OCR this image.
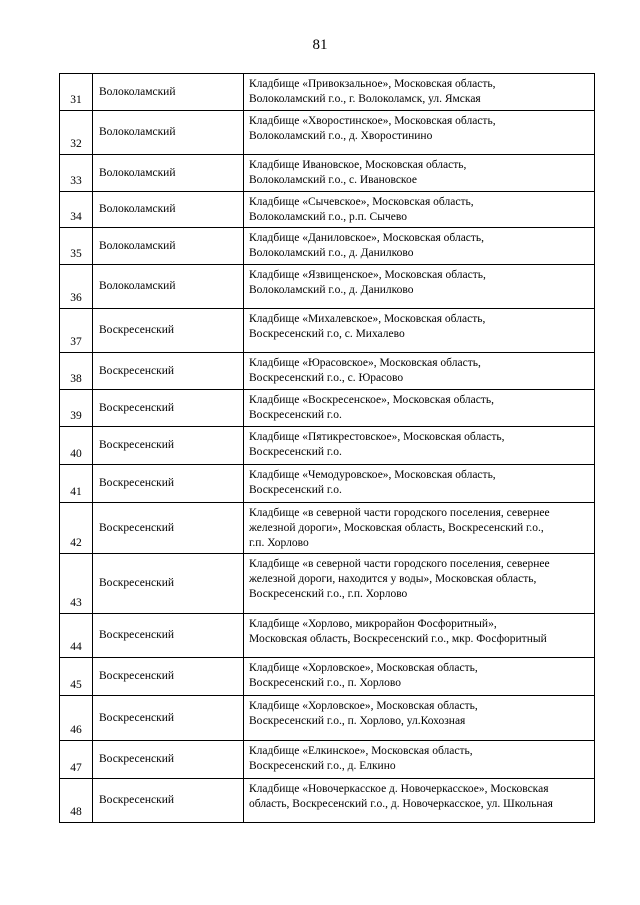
81
31	Волоколамский	Кладбище «Привокзальное», Московская область,
Волоколамский г.о., г. Волоколамск, ул. Ямская

32	Волоколамский	Кладбище «Хворостинское», Московская область,
Волоколамский г.о., д. Хворостинино

33	Волоколамский	Кладбище Ивановское, Московская область,
Волоколамский г.о., с. Ивановское

34	Волоколамский	Кладбище «Сычевское», Московская область,
Волоколамский г.о., р.п. Сычево

35	Волоколамский	Кладбище «Даниловское», Московская область,
Волоколамский г.о., д. Данилково

36	Волоколамский	Кладбище «Язвищенское», Московская область,
Волоколамский г.о., д. Данилково

37	Воскресенский	Кладбище «Михалевское», Московская область,
Воскресенский г.о, с. Михалево

38	Воскресенский	Кладбище «Юрасовское», Московская область,
Воскресенский г.о., с. Юрасово

39	Воскресенский	Кладбище «Воскресенское», Московская область,
Воскресенский г.о.

40	Воскресенский	Кладбище «Пятикрестовское», Московская область,
Воскресенский г.о.

41	Воскресенский	Кладбище «Чемодуровское», Московская область,
Воскресенский г.о.

42	Воскресенский	Кладбище «в северной части городского поселения, севернее
железной дороги», Московская область, Воскресенский г.о.,
г.п. Хорлово

43	Воскресенский	Кладбище «в северной части городского поселения, севернее
железной дороги, находится у воды», Московская область,
Воскресенский г.о., г.п. Хорлово

44	Воскресенский	Кладбище «Хорлово, микрорайон Фосфоритный»,
Московская область, Воскресенский г.о., мкр. Фосфоритный

45	Воскресенский	Кладбище «Хорловское», Московская область,
Воскресенский г.о., п. Хорлово

46	Воскресенский	Кладбище «Хорловское», Московская область,
Воскресенский г.о., п. Хорлово, ул.Кохозная

47	Воскресенский	Кладбище «Елкинское», Московская область,
Воскресенский г.о., д. Елкино

48	Воскресенский	Кладбище «Новочеркасское д. Новочеркасское», Московская
область, Воскресенский г.о., д. Новочеркасское, ул. Школьная
